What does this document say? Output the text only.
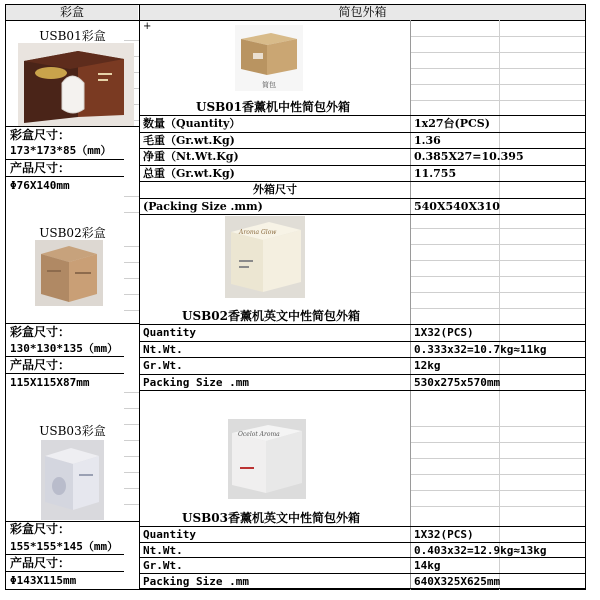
彩盒	简包外箱
+
USB01彩盒
彩盒尺寸：
173*173*85（mm）
产品尺寸：
Φ76X140mm
USB02彩盒
彩盒尺寸：
130*130*135（mm）
产品尺寸：
115X115X87mm
USB03彩盒
彩盒尺寸：
155*155*145（mm）
产品尺寸：
Φ143X115mm
简包
USB01香薰机中性简包外箱
数量（Quantity）	1x27台(PCS)
毛重（Gr.wt.Kg)	1.36
净重（Nt.Wt.Kg)	0.385X27=10.395
总重（Gr.wt.Kg)	11.755
外箱尺寸
(Packing Size .mm)	540X540X310
Aroma Glow
USB02香薰机英文中性简包外箱
Quantity	1X32(PCS)
Nt.Wt.	0.333x32=10.7kg≈11kg
Gr.Wt.	12kg
Packing Size .mm	530x275x570mm
Ocelot Aroma
USB03香薰机英文中性简包外箱
Quantity	1X32(PCS)
Nt.Wt.	0.403x32=12.9kg≈13kg
Gr.Wt.	14kg
Packing Size .mm	640X325X625mm
